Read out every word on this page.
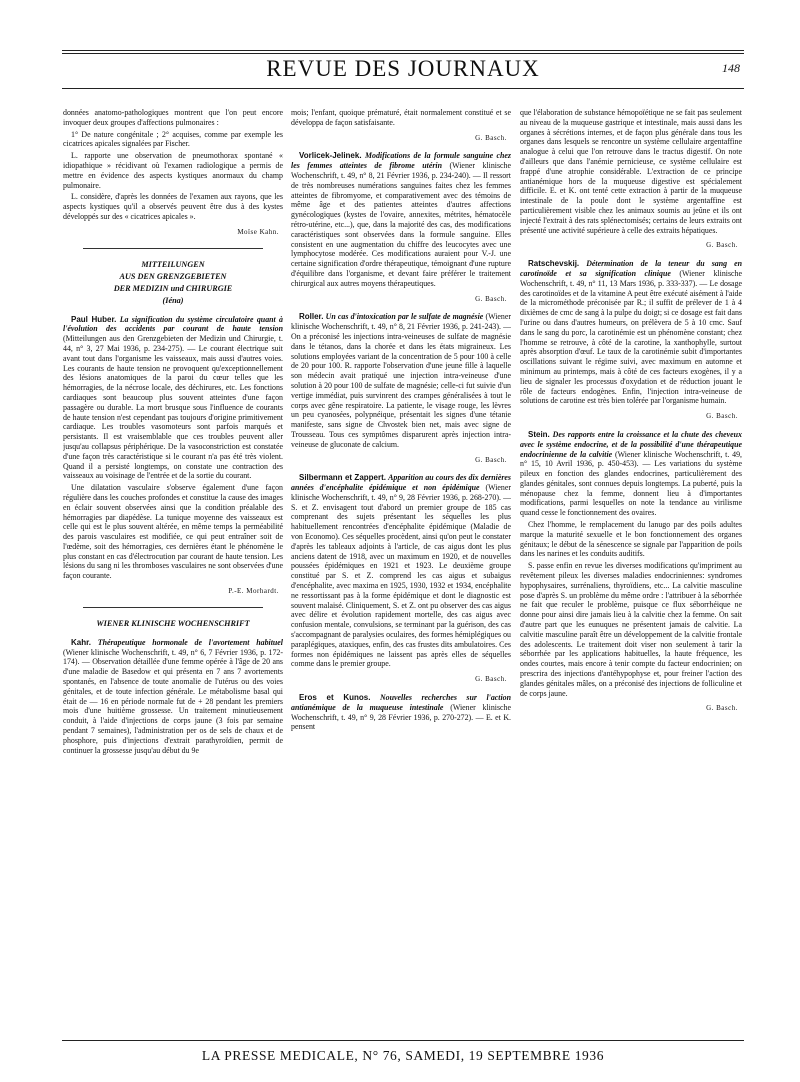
REVUE DES JOURNAUX	148

données anatomo-pathologiques montrent que l'on peut encore invoquer deux groupes d'affections pulmonaires :

1° De nature congénitale ; 2° acquises, comme par exemple les cicatrices apicales signalées par Fischer.

L. rapporte une observation de pneumothorax spontané « idiopathique » récidivant où l'examen radiologique a permis de mettre en évidence des aspects kystiques anormaux du champ pulmonaire.

L. considère, d'après les données de l'examen aux rayons, que les aspects kystiques qu'il a observés peuvent être dus à des kystes développés sur des « cicatrices apicales ».

Moïse Kahn.
MITTEILUNGEN
AUS DEN GRENZGEBIETEN
DER MEDIZIN und CHIRURGIE
(Iéna)

Paul Huber. La signification du système circulatoire quant à l'évolution des accidents par courant de haute tension (Mitteilungen aus den Grenzgebieten der Medizin und Chirurgie, t. 44, n° 3, 27 Mai 1936, p. 234-275). — Le courant électrique suit avant tout dans l'organisme les vaisseaux, mais aussi d'autres voies. Les courants de haute tension ne provoquent qu'exceptionnellement des lésions anatomiques de la paroi du cœur telles que les hémorragies, de la nécrose locale, des déchirures, etc. Les fonctions cardiaques sont beaucoup plus souvent atteintes d'une façon passagère ou durable. La mort brusque sous l'influence de courants de haute tension n'est cependant pas toujours d'origine primitivement cardiaque. Les troubles vasomoteurs sont parfois marqués et persistants. Il est vraisemblable que ces troubles peuvent aller jusqu'au collapsus périphérique. De la vasoconstriction est constatée d'une façon très caractéristique si le courant n'a pas été très violent. Quand il a persisté longtemps, on constate une contraction des vaisseaux au voisinage de l'entrée et de la sortie du courant.

Une dilatation vasculaire s'observe également d'une façon régulière dans les couches profondes et constitue la cause des images en éclair souvent observées ainsi que la condition préalable des hémorragies par diapédèse. La tunique moyenne des vaisseaux est celle qui est le plus souvent altérée, en même temps la perméabilité des parois vasculaires est modifiée, ce qui peut entraîner soit de l'œdème, soit des hémorragies, ces dernières étant le phénomène le plus constant en cas d'électrocution par courant de haute tension. Les lésions du sang ni les thromboses vasculaires ne sont observées d'une façon courante.

P.-E. Morhardt.
WIENER KLINISCHE WOCHENSCHRIFT

Kahr. Thérapeutique hormonale de l'avortement habituel (Wiener klinische Wochenschrift, t. 49, n° 6, 7 Février 1936, p. 172-174). — Observation détaillée d'une femme opérée à l'âge de 20 ans d'une maladie de Basedow et qui présenta en 7 ans 7 avortements spontanés, en l'absence de toute anomalie de l'utérus ou des voies génitales, et de toute infection générale. Le métabolisme basal qui était de — 16 en période normale fut de + 28 pendant les premiers mois d'une huitième grossesse. Un traitement minutieusement conduit, à l'aide d'injections de corps jaune (3 fois par semaine pendant 7 semaines), l'administration per os de sels de chaux et de phosphore, puis d'injections d'extrait parathyroïdien, permit de continuer la grossesse jusqu'au début du 9e

mois; l'enfant, quoique prématuré, était normalement constitué et se développa de façon satisfaisante.

G. Basch.

Vorlicek-Jelinek. Modifications de la formule sanguine chez les femmes atteintes de fibrome utérin (Wiener klinische Wochenschrift, t. 49, n° 8, 21 Février 1936, p. 234-240). — Il ressort de très nombreuses numérations sanguines faites chez les femmes atteintes de fibromyome, et comparativement avec des témoins de même âge et des patientes atteintes d'autres affections gynécologiques (kystes de l'ovaire, annexites, métrites, hématocèle rétro-utérine, etc...), que, dans la majorité des cas, des modifications caractéristiques sont observées dans la formule sanguine. Elles consistent en une augmentation du chiffre des leucocytes avec une lymphocytose modérée. Ces modifications auraient pour V.-J. une certaine signification d'ordre thérapeutique, témoignant d'une rupture d'équilibre dans l'organisme, et devant faire préférer le traitement chirurgical aux autres moyens thérapeutiques.

G. Basch.

Roller. Un cas d'intoxication par le sulfate de magnésie (Wiener klinische Wochenschrift, t. 49, n° 8, 21 Février 1936, p. 241-243). — On a préconisé les injections intra-veineuses de sulfate de magnésie dans le tétanos, dans la chorée et dans les états migraineux. Les solutions employées variant de la concentration de 5 pour 100 à celle de 20 pour 100. R. rapporte l'observation d'une jeune fille à laquelle son médecin avait pratiqué une injection intra-veineuse d'une solution à 20 pour 100 de sulfate de magnésie; celle-ci fut suivie d'un vertige immédiat, puis survinrent des crampes généralisées à tout le corps avec gêne respiratoire. La patiente, le visage rouge, les lèvres un peu cyanosées, polypnéique, présentait les signes d'une tétanie manifeste, sans signe de Chvostek bien net, mais avec signe de Trousseau. Tous ces symptômes disparurent après injection intra-veineuse de gluconate de calcium.

G. Basch.

Silbermann et Zappert. Apparition au cours des dix dernières années d'encéphalite épidémique et non épidémique (Wiener klinische Wochenschrift, t. 49, n° 9, 28 Février 1936, p. 268-270). — S. et Z. envisagent tout d'abord un premier groupe de 185 cas comprenant des sujets présentant les séquelles les plus habituellement rencontrées d'encéphalite épidémique (Maladie de von Economo). Ces séquelles procèdent, ainsi qu'on peut le constater d'après les tableaux adjoints à l'article, de cas aigus dont les plus anciens datent de 1918, avec un maximum en 1920, et de nouvelles poussées épidémiques en 1921 et 1923. Le deuxième groupe constitué par S. et Z. comprend les cas aigus et subaigus d'encéphalite, avec maxima en 1925, 1930, 1932 et 1934, encéphalite ne ressortissant pas à la forme épidémique et dont le diagnostic est souvent malaisé. Cliniquement, S. et Z. ont pu observer des cas aigus avec délire et évolution rapidement mortelle, des cas aigus avec confusion mentale, convulsions, se terminant par la guérison, des cas s'accompagnant de paralysies oculaires, des formes hémiplégiques ou paraplégiques, ataxiques, enfin, des cas frustes dits ambulatoires. Ces formes non épidémiques ne laissent pas après elles de séquelles comme dans le premier groupe.

G. Basch.

Eros et Kunos. Nouvelles recherches sur l'action antianémique de la muqueuse intestinale (Wiener klinische Wochenschrift, t. 49, n° 9, 28 Février 1936, p. 270-272). — E. et K. pensent

que l'élaboration de substance hémopoïétique ne se fait pas seulement au niveau de la muqueuse gastrique et intestinale, mais aussi dans les organes à sécrétions internes, et de façon plus générale dans tous les organes dans lesquels se rencontre un système cellulaire argentaffine analogue à celui que l'on retrouve dans le tractus digestif. On note d'ailleurs que dans l'anémie pernicieuse, ce système cellulaire est frappé d'une atrophie considérable. L'extraction de ce principe antianémique hors de la muqueuse digestive est spécialement difficile. E. et K. ont tenté cette extraction à partir de la muqueuse intestinale de la poule dont le système argentaffine est particulièrement visible chez les animaux soumis au jeûne et ils ont injecté l'extrait à des rats splénectomisés; certains de leurs extraits ont présenté une activité supérieure à celle des extraits hépatiques.

G. Basch.

Ratschevskij. Détermination de la teneur du sang en carotinoïde et sa signification clinique (Wiener klinische Wochenschrift, t. 49, n° 11, 13 Mars 1936, p. 333-337). — Le dosage des carotinoïdes et de la vitamine A peut être exécuté aisément à l'aide de la microméthode préconisée par R.; il suffit de prélever de 1 à 4 dixièmes de cmc de sang à la pulpe du doigt; si ce dosage est fait dans l'urine ou dans d'autres humeurs, on prélèvera de 5 à 10 cmc. Sauf dans le sang du porc, la carotinémie est un phénomène constant; chez l'homme se retrouve, à côté de la carotine, la xanthophylle, surtout après absorption d'œuf. Le taux de la carotinémie subit d'importantes oscillations suivant le régime suivi, avec maximum en automne et minimum au printemps, mais à côté de ces facteurs exogènes, il y a lieu de signaler les processus d'oxydation et de réduction jouant le rôle de facteurs endogènes. Enfin, l'injection intra-veineuse de solutions de carotine est très bien tolérée par l'organisme humain.

G. Basch.

Stein. Des rapports entre la croissance et la chute des cheveux avec le système endocrine, et de la possibilité d'une thérapeutique endocrinienne de la calvitie (Wiener klinische Wochenschrift, t. 49, n° 15, 10 Avril 1936, p. 450-453). — Les variations du système pileux en fonction des glandes endocrines, particulièrement des glandes génitales, sont connues depuis longtemps. La puberté, puis la ménopause chez la femme, donnent lieu à d'importantes modifications, parmi lesquelles on note la tendance au virilisme quand cesse le fonctionnement des ovaires.

Chez l'homme, le remplacement du lanugo par des poils adultes marque la maturité sexuelle et le bon fonctionnement des organes génitaux; le début de la sénescence se signale par l'apparition de poils dans les narines et les conduits auditifs.

S. passe enfin en revue les diverses modifications qu'impriment au revêtement pileux les diverses maladies endocriniennes: syndromes hypophysaires, surrénaliens, thyroïdiens, etc... La calvitie masculine pose d'après S. un problème du même ordre : l'attribuer à la séborrhée ne fait que reculer le problème, puisque ce flux séborrhéique ne donne pour ainsi dire jamais lieu à la calvitie chez la femme. On sait d'autre part que les eunuques ne présentent jamais de calvitie. La calvitie masculine paraît être un développement de la calvitie frontale des adolescents. Le traitement doit viser non seulement à tarir la séborrhée par les applications habituelles, la haute fréquence, les ondes courtes, mais encore à tenir compte du facteur endocrinien; on prescrira des injections d'antéhypophyse et, pour freiner l'action des glandes génitales mâles, on a préconisé des injections de folliculine et de corps jaune.

G. Basch.
LA PRESSE MEDICALE, N° 76, SAMEDI, 19 SEPTEMBRE 1936
